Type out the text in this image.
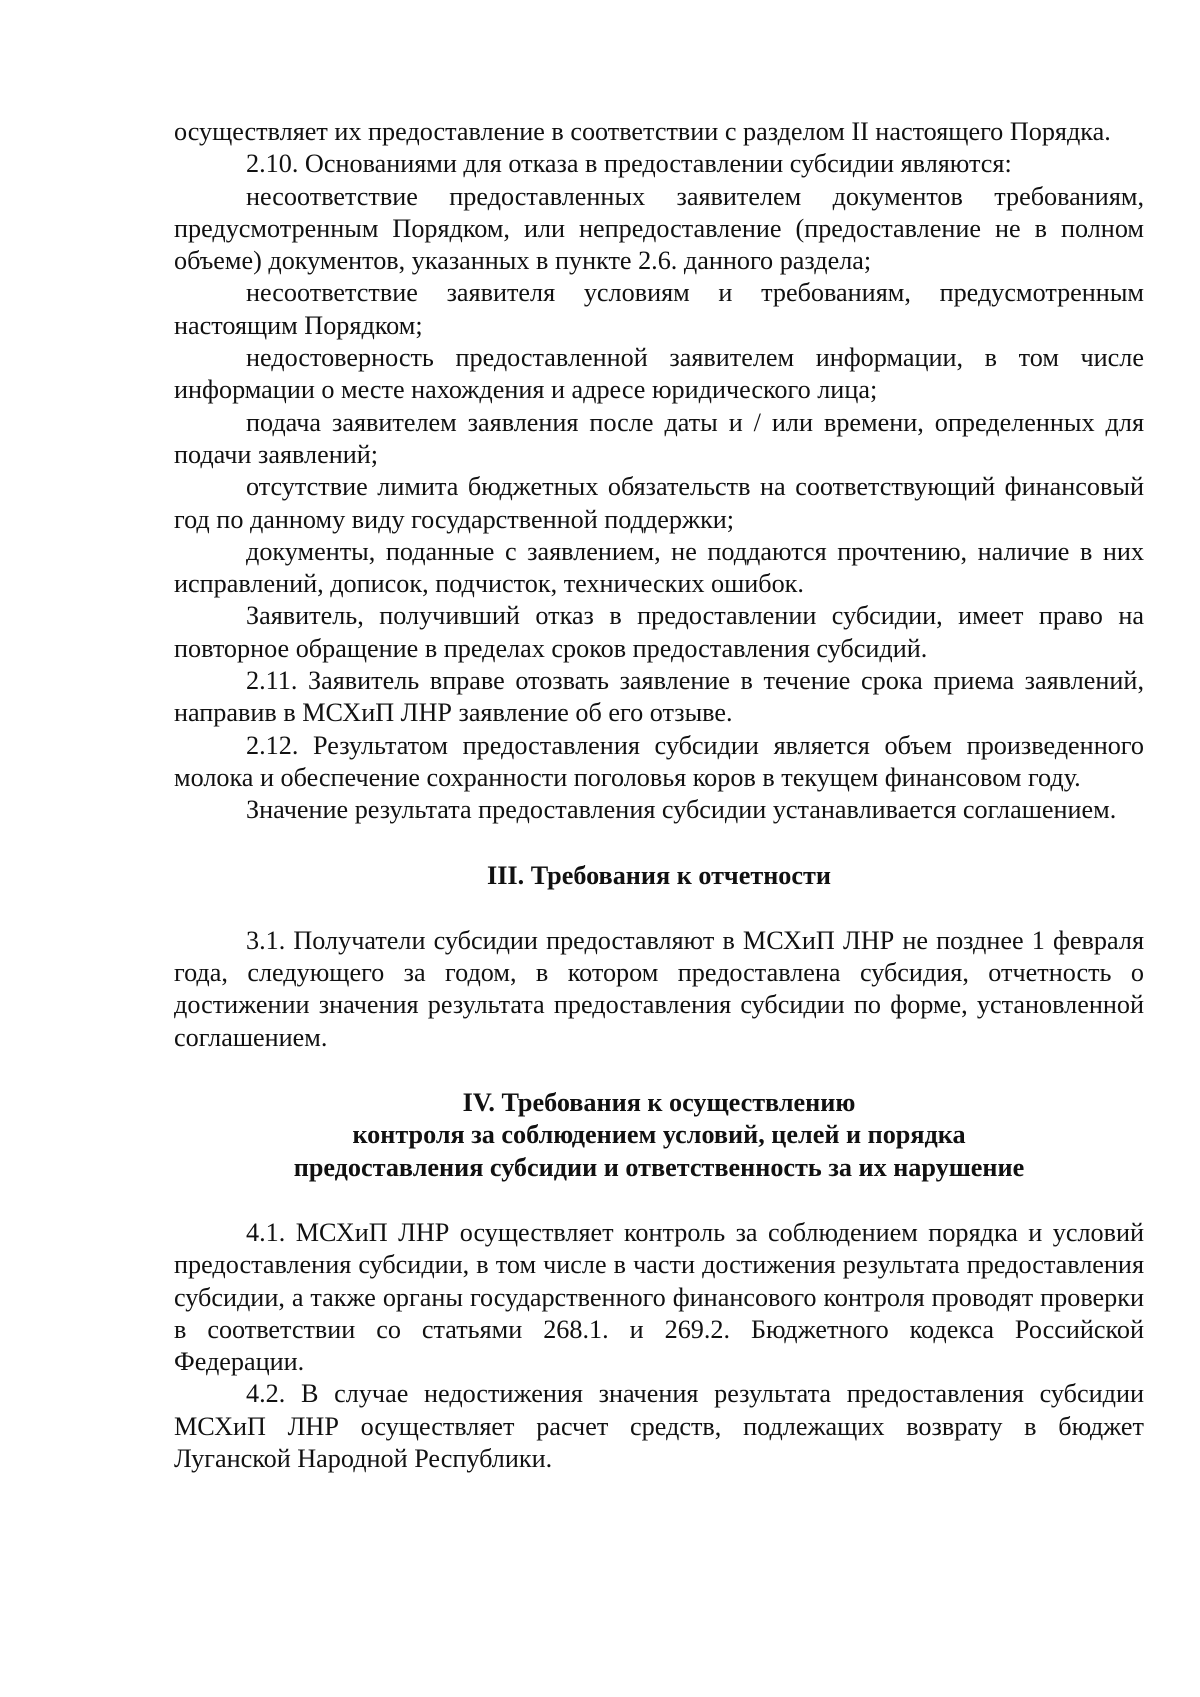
осуществляет их предоставление в соответствии с разделом II настоящего Порядка.

2.10. Основаниями для отказа в предоставлении субсидии являются:

несоответствие предоставленных заявителем документов требованиям, предусмотренным Порядком, или непредоставление (предоставление не в полном объеме) документов, указанных в пункте 2.6. данного раздела;

несоответствие заявителя условиям и требованиям, предусмотренным настоящим Порядком;

недостоверность предоставленной заявителем информации, в том числе информации о месте нахождения и адресе юридического лица;

подача заявителем заявления после даты и / или времени, определенных для подачи заявлений;

отсутствие лимита бюджетных обязательств на соответствующий финансовый год по данному виду государственной поддержки;

документы, поданные с заявлением, не поддаются прочтению, наличие в них исправлений, дописок, подчисток, технических ошибок.

Заявитель, получивший отказ в предоставлении субсидии, имеет право на повторное обращение в пределах сроков предоставления субсидий.

2.11. Заявитель вправе отозвать заявление в течение срока приема заявлений, направив в МСХиП ЛНР заявление об его отзыве.

2.12. Результатом предоставления субсидии является объем произведенного молока и обеспечение сохранности поголовья коров в текущем финансовом году.

Значение результата предоставления субсидии устанавливается соглашением.

III. Требования к отчетности

3.1. Получатели субсидии предоставляют в МСХиП ЛНР не позднее 1 февраля года, следующего за годом, в котором предоставлена субсидия, отчетность о достижении значения результата предоставления субсидии по форме, установленной соглашением.

IV. Требования к осуществлению

контроля за соблюдением условий, целей и порядка

предоставления субсидии и ответственность за их нарушение

4.1. МСХиП ЛНР осуществляет контроль за соблюдением порядка и условий предоставления субсидии, в том числе в части достижения результата предоставления субсидии, а также органы государственного финансового контроля проводят проверки в соответствии со статьями 268.1. и 269.2. Бюджетного кодекса Российской Федерации.

4.2. В случае недостижения значения результата предоставления субсидии МСХиП ЛНР осуществляет расчет средств, подлежащих возврату в бюджет Луганской Народной Республики.
